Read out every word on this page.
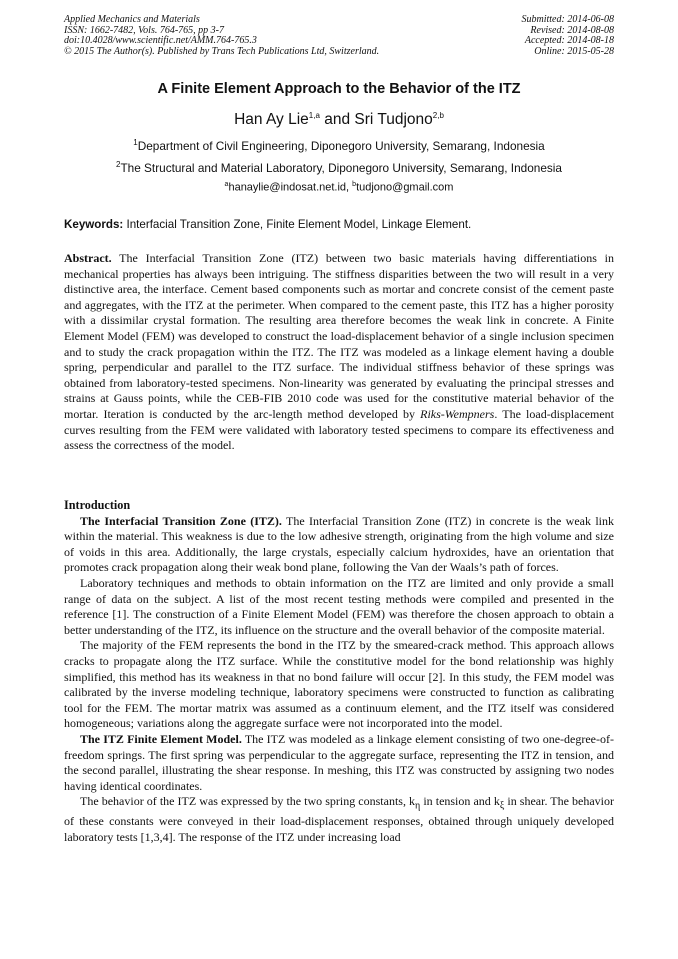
Applied Mechanics and Materials
ISSN: 1662-7482, Vols. 764-765, pp 3-7
doi:10.4028/www.scientific.net/AMM.764-765.3
© 2015 The Author(s). Published by Trans Tech Publications Ltd, Switzerland.
Submitted: 2014-06-08
Revised: 2014-08-08
Accepted: 2014-08-18
Online: 2015-05-28
A Finite Element Approach to the Behavior of the ITZ
Han Ay Lie$^{1,a}$ and Sri Tudjono$^{2,b}$
$^1$Department of Civil Engineering, Diponegoro University, Semarang, Indonesia
$^2$The Structural and Material Laboratory, Diponegoro University, Semarang, Indonesia
$^a$hanaylie@indosat.net.id, $^b$tudjono@gmail.com
Keywords: Interfacial Transition Zone, Finite Element Model, Linkage Element.

Abstract. The Interfacial Transition Zone (ITZ) between two basic materials having differentiations in mechanical properties has always been intriguing. The stiffness disparities between the two will result in a very distinctive area, the interface. Cement based components such as mortar and concrete consist of the cement paste and aggregates, with the ITZ at the perimeter. When compared to the cement paste, this ITZ has a higher porosity with a dissimilar crystal formation. The resulting area therefore becomes the weak link in concrete. A Finite Element Model (FEM) was developed to construct the load-displacement behavior of a single inclusion specimen and to study the crack propagation within the ITZ. The ITZ was modeled as a linkage element having a double spring, perpendicular and parallel to the ITZ surface. The individual stiffness behavior of these springs was obtained from laboratory-tested specimens. Non-linearity was generated by evaluating the principal stresses and strains at Gauss points, while the CEB-FIB 2010 code was used for the constitutive material behavior of the mortar. Iteration is conducted by the arc-length method developed by Riks-Wempners. The load-displacement curves resulting from the FEM were validated with laboratory tested specimens to compare its effectiveness and assess the correctness of the model.

Introduction

The Interfacial Transition Zone (ITZ). The Interfacial Transition Zone (ITZ) in concrete is the weak link within the material. This weakness is due to the low adhesive strength, originating from the high volume and size of voids in this area. Additionally, the large crystals, especially calcium hydroxides, have an orientation that promotes crack propagation along their weak bond plane, following the Van der Waals’s path of forces.

Laboratory techniques and methods to obtain information on the ITZ are limited and only provide a small range of data on the subject. A list of the most recent testing methods were compiled and presented in the reference [1]. The construction of a Finite Element Model (FEM) was therefore the chosen approach to obtain a better understanding of the ITZ, its influence on the structure and the overall behavior of the composite material.

The majority of the FEM represents the bond in the ITZ by the smeared-crack method. This approach allows cracks to propagate along the ITZ surface. While the constitutive model for the bond relationship was highly simplified, this method has its weakness in that no bond failure will occur [2]. In this study, the FEM model was calibrated by the inverse modeling technique, laboratory specimens were constructed to function as calibrating tool for the FEM. The mortar matrix was assumed as a continuum element, and the ITZ itself was considered homogeneous; variations along the aggregate surface were not incorporated into the model.

The ITZ Finite Element Model. The ITZ was modeled as a linkage element consisting of two one-degree-of-freedom springs. The first spring was perpendicular to the aggregate surface, representing the ITZ in tension, and the second parallel, illustrating the shear response. In meshing, this ITZ was constructed by assigning two nodes having identical coordinates.

The behavior of the ITZ was expressed by the two spring constants, $k_\eta$ in tension and $k_\xi$ in shear. The behavior of these constants were conveyed in their load-displacement responses, obtained through uniquely developed laboratory tests [1,3,4]. The response of the ITZ under increasing load
